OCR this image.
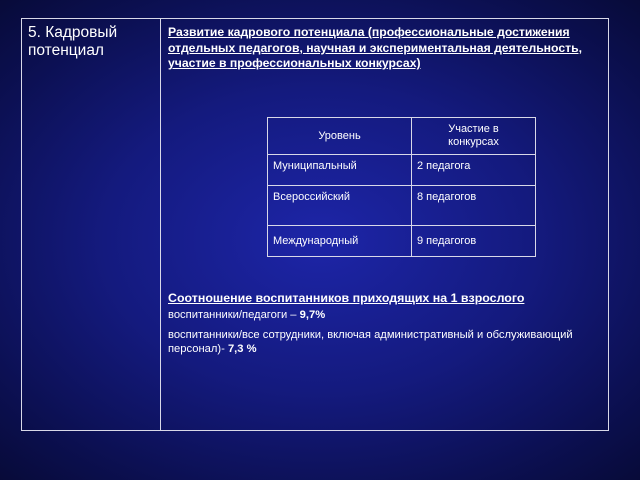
5. Кадровый потенциал

Развитие кадрового потенциала (профессиональные достижения отдельных педагогов, научная и экспериментальная деятельность, участие в профессиональных конкурсах)

Уровень	Участие в конкурсах
Муниципальный	2 педагога
Всероссийский	8 педагогов
Международный	9 педагогов
Соотношение воспитанников приходящих на 1 взрослого
воспитанники/педагоги – 9,7%
воспитанники/все сотрудники, включая административный и обслуживающий персонал)- 7,3 %
